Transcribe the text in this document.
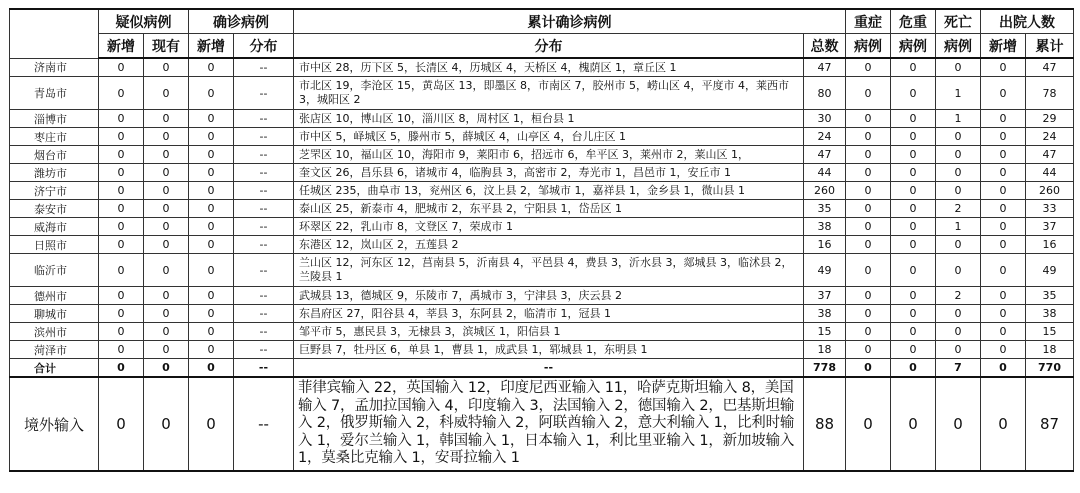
	疑似病例		确诊病例		累计确诊病例		重症	危重	死亡	出院人数	
	新增	现有	新增	分布	分布	总数	病例	病例	病例	新增	累计
济南市	0	0	0	--	市中区 28，历下区 5，长清区 4，历城区 4，天桥区 4，槐荫区 1，章丘区 1	47	0	0	0	0	47
青岛市	0	0	0	--	市北区 19，李沧区 15，黄岛区 13，即墨区 8，市南区 7，胶州市 5，崂山区 4，平度市 4，莱西市 3，城阳区 2	80	0	0	1	0	78
淄博市	0	0	0	--	张店区 10，博山区 10，淄川区 8，周村区 1，桓台县 1	30	0	0	1	0	29
枣庄市	0	0	0	--	市中区 5，峄城区 5，滕州市 5，薛城区 4，山亭区 4，台儿庄区 1	24	0	0	0	0	24
烟台市	0	0	0	--	芝罘区 10，福山区 10，海阳市 9，莱阳市 6，招远市 6，牟平区 3，莱州市 2，莱山区 1，	47	0	0	0	0	47
潍坊市	0	0	0	--	奎文区 26，昌乐县 6，诸城市 4，临朐县 3，高密市 2，寿光市 1，昌邑市 1，安丘市 1	44	0	0	0	0	44
济宁市	0	0	0	--	任城区 235，曲阜市 13，兖州区 6，汶上县 2，邹城市 1，嘉祥县 1，金乡县 1，微山县 1	260	0	0	0	0	260
泰安市	0	0	0	--	泰山区 25，新泰市 4，肥城市 2，东平县 2，宁阳县 1，岱岳区 1	35	0	0	2	0	33
威海市	0	0	0	--	环翠区 22，乳山市 8，文登区 7，荣成市 1	38	0	0	1	0	37
日照市	0	0	0	--	东港区 12，岚山区 2，五莲县 2	16	0	0	0	0	16
临沂市	0	0	0	--	兰山区 12，河东区 12，莒南县 5，沂南县 4，平邑县 4，费县 3，沂水县 3，郯城县 3，临沭县 2，兰陵县 1	49	0	0	0	0	49
德州市	0	0	0	--	武城县 13，德城区 9，乐陵市 7，禹城市 3，宁津县 3，庆云县 2	37	0	0	2	0	35
聊城市	0	0	0	--	东昌府区 27，阳谷县 4，莘县 3，东阿县 2，临清市 1，冠县 1	38	0	0	0	0	38
滨州市	0	0	0	--	邹平市 5，惠民县 3，无棣县 3，滨城区 1，阳信县 1	15	0	0	0	0	15
菏泽市	0	0	0	--	巨野县 7，牡丹区 6，单县 1，曹县 1，成武县 1，郓城县 1，东明县 1	18	0	0	0	0	18
合计	0	0	0	--	--	778	0	0	7	0	770
境外输入	0	0	0	--	菲律宾输入 22，英国输入 12，印度尼西亚输入 11，哈萨克斯坦输入 8，美国输入 7，孟加拉国输入 4，印度输入 3，法国输入 2，德国输入 2，巴基斯坦输入 2，俄罗斯输入 2，科威特输入 2，阿联酋输入 2，意大利输入 1，比利时输入 1，爱尔兰输入 1，韩国输入 1，日本输入 1，利比里亚输入 1，新加坡输入 1，莫桑比克输入 1，安哥拉输入 1	88	0	0	0	0	87
